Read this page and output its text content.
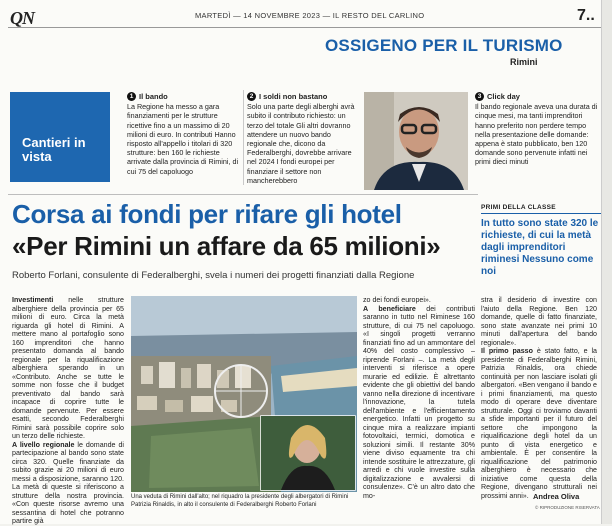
QN	MARTEDÌ — 14 NOVEMBRE 2023 — IL RESTO DEL CARLINO	7..
OSSIGENO PER IL TURISMO
Rimini
Cantieri in vista
1 Il bando
La Regione ha messo a gara finanziamenti per le strutture ricettive fino a un massimo di 20 milioni di euro. In contributi Hanno risposto all'appello i titolari di 320 strutture: ben 160 le richieste arrivate dalla provincia di Rimini, di cui 75 del capoluogo
2 I soldi non bastano
Solo una parte degli alberghi avrà subito il contributo richiesto: un terzo del totale Gli altri dovranno attendere un nuovo bando regionale che, dicono da Federalberghi, dovrebbe arrivare nel 2024 I fondi europei per finanziare il settore non mancherebbero
3 Click day
Il bando regionale aveva una durata di cinque mesi, ma tanti imprenditori hanno preferito non perdere tempo nella presentazione delle domande: appena è stato pubblicato, ben 120 domande sono pervenute infatti nei primi dieci minuti
Corsa ai fondi per rifare gli hotel
«Per Rimini un affare da 65 milioni»
Roberto Forlani, consulente di Federalberghi, svela i numeri dei progetti finanziati dalla Regione
PRIMI DELLA CLASSE
In tutto sono state 320 le richieste, di cui la metà dagli imprenditori riminesi Nessuno come noi
Investimenti nelle strutture alberghiere della provincia per 65 milioni di euro. Circa la metà riguarda gli hotel di Rimini. A mettere mano al portafoglio sono 160 imprenditori che hanno presentato domanda al bando regionale per la riqualificazione alberghiera sperando in un «Contributo. Anche se tutte le somme non fosse che il budget preventivato dal bando sarà incapace di coprire tutte le domande pervenute. Per essere esatti, secondo Federalberghi Rimini sarà possibile coprire solo un terzo delle richieste.
A livello regionale le domande di partecipazione al bando sono state circa 320. Quelle finanziate da subito grazie ai 20 milioni di euro messi a disposizione, saranno 120. La metà di queste si riferiscono a strutture della nostra provincia. «Con queste risorse avremo una sessantina di hotel che potranno partire già
Una veduta di Rimini dall'alto; nel riquadro la presidente degli albergatori di Rimini Patrizia Rinaldis, in alto il consulente di Federalberghi Roberto Forlani
zo dei fondi europei».
A beneficiare dei contributi saranno in tutto nel Riminese 160 strutture, di cui 75 nel capoluogo. «I singoli progetti verranno finanziati fino ad un ammontare del 40% del costo complessivo – riprende Forlani –. La metà degli interventi si riferisce a opere murarie ed edilizie. È altrettanto evidente che gli obiettivi del bando vanno nella direzione di incentivare l'innovazione, la tutela dell'ambiente e l'efficientamento energetico. Infatti un progetto su cinque mira a realizzare impianti fotovoltaici, termici, domotica e soluzioni simili. Il restante 30% viene diviso equamente tra chi intende sostituire le attrezzature, gli arredi e chi vuole investire sulla digitalizzazione e avvalersi di consulenze». C'è un altro dato che mo-
stra il desiderio di investire con l'aiuto della Regione. Ben 120 domande, quelle di fatto finanziate, sono state avanzate nei primi 10 minuti dall'apertura del bando regionale».
Il primo passo è stato fatto, e la presidente di Federalberghi Rimini, Patrizia Rinaldis, ora chiede continuità per non lasciare isolati gli albergatori. «Ben vengano il bando e i primi finanziamenti, ma questo modo di operare deve diventare strutturale. Oggi ci troviamo davanti a sfide importanti per il futuro del settore che impongono la riqualificazione degli hotel da un punto di vista energetico e ambientale. È per consentire la riqualificazione del patrimonio alberghiero è necessario che iniziative come questa della Regione, divengano strutturali nei prossimi anni». Andrea Oliva
© RIPRODUZIONE RISERVATA
